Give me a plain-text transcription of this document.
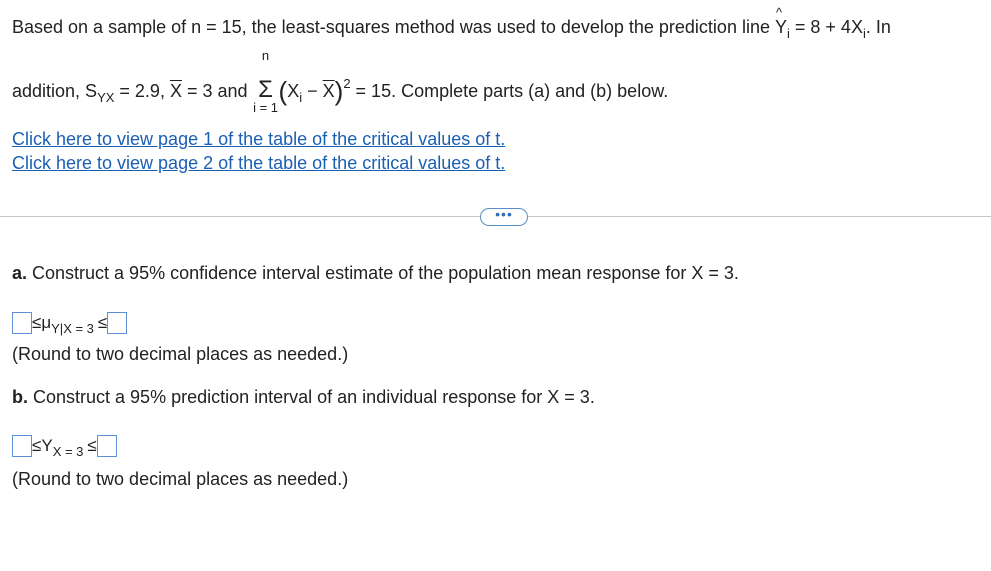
Based on a sample of n = 15, the least-squares method was used to develop the prediction line
^
$Y_i = 8 + 4X_i$. In
addition, $S_{YX} = 2.9$, $\overline{X} = 3$ and
n
Σ
i = 1
$(X_i - \overline{X})^2 = 15$. Complete parts (a) and (b) below.
Click here to view page 1 of the table of the critical values of t.
Click here to view page 2 of the table of the critical values of t.
•••
a. Construct a 95% confidence interval estimate of the population mean response for X = 3.
$\le\mu_{Y|X = 3}$ ≤
(Round to two decimal places as needed.)
b. Construct a 95% prediction interval of an individual response for X = 3.
$\le Y_{X = 3}$ ≤
(Round to two decimal places as needed.)
